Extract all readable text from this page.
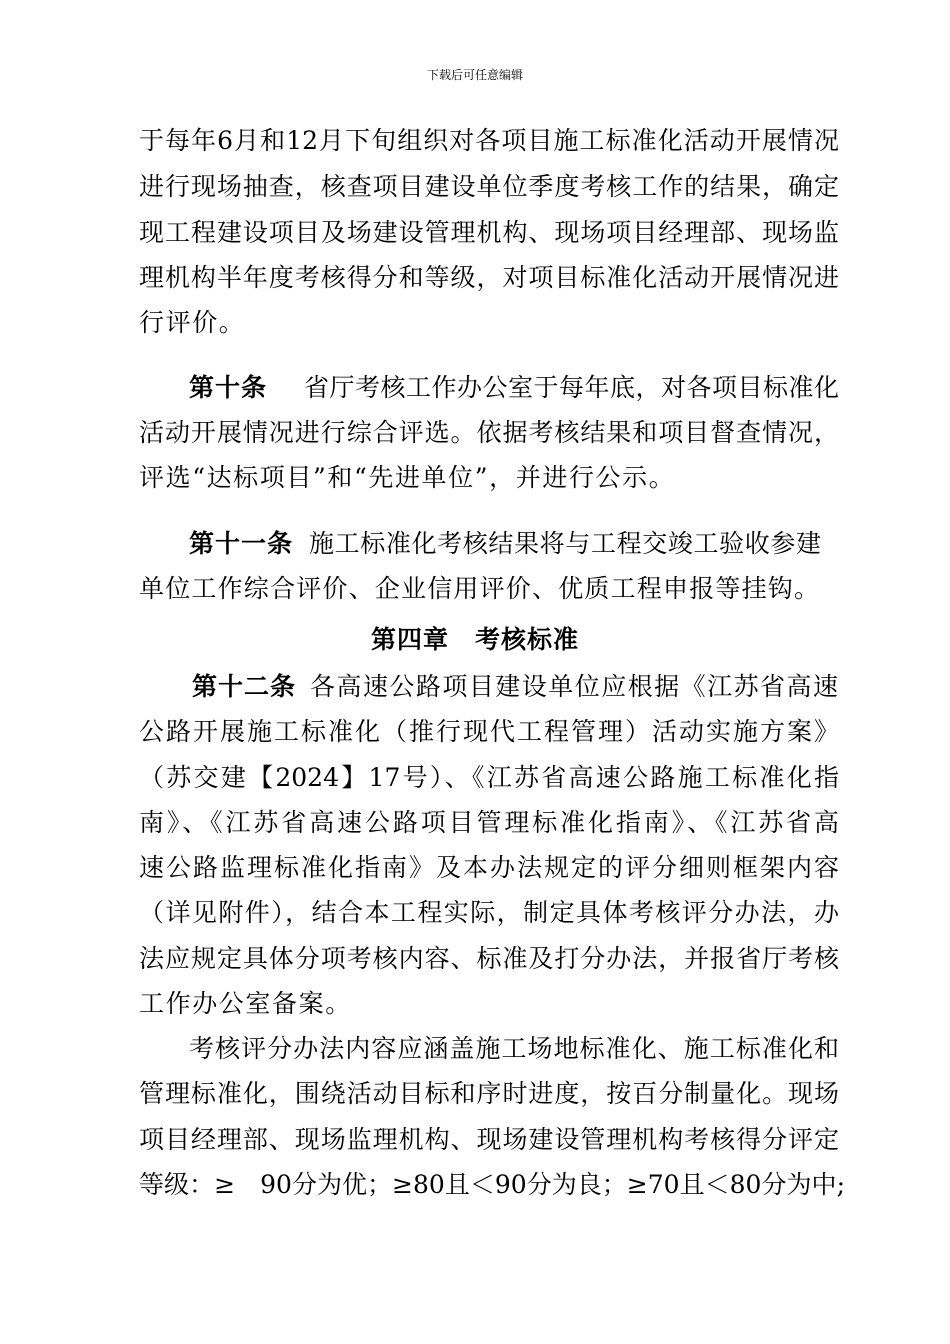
下载后可任意编辑
于每年6月和12月下旬组织对各项目施工标准化活动开展情况
进行现场抽查，核查项目建设单位季度考核工作的结果，确定
现工程建设项目及场建设管理机构、现场项目经理部、现场监
理机构半年度考核得分和等级，对项目标准化活动开展情况进
行评价。
第十条 省厅考核工作办公室于每年底，对各项目标准化
活动开展情况进行综合评选。依据考核结果和项目督查情况，
评选“达标项目”和“先进单位”，并进行公示。
第十一条 施工标准化考核结果将与工程交竣工验收参建
单位工作综合评价、企业信用评价、优质工程申报等挂钩。
第四章　考核标准
第十二条 各高速公路项目建设单位应根据《江苏省高速
公路开展施工标准化（推行现代工程管理）活动实施方案》
（苏交建【2024】17号）、《江苏省高速公路施工标准化指
南》、《江苏省高速公路项目管理标准化指南》、《江苏省高
速公路监理标准化指南》及本办法规定的评分细则框架内容
（详见附件），结合本工程实际，制定具体考核评分办法，办
法应规定具体分项考核内容、标准及打分办法，并报省厅考核
工作办公室备案。
考核评分办法内容应涵盖施工场地标准化、施工标准化和
管理标准化，围绕活动目标和序时进度，按百分制量化。现场
项目经理部、现场监理机构、现场建设管理机构考核得分评定
等级：≥　90分为优；≥80且＜90分为良；≥70且＜80分为中;
